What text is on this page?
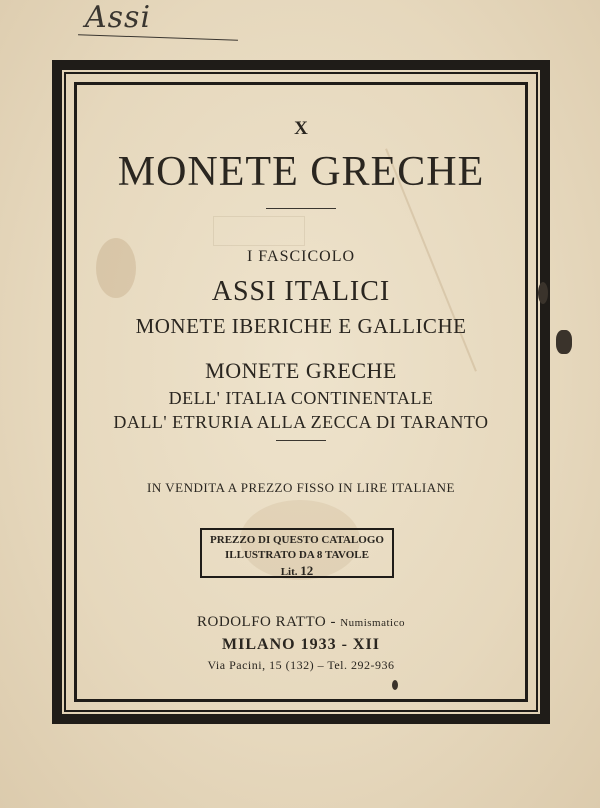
Assi
X
MONETE GRECHE
I FASCICOLO
ASSI ITALICI
MONETE IBERICHE E GALLICHE
MONETE GRECHE
DELL' ITALIA CONTINENTALE
DALL' ETRURIA ALLA ZECCA DI TARANTO
IN VENDITA A PREZZO FISSO IN LIRE ITALIANE
PREZZO DI QUESTO CATALOGO
ILLUSTRATO DA 8 TAVOLE
Lit. 12
RODOLFO RATTO - Numismatico
MILANO 1933 - XII
Via Pacini, 15 (132) – Tel. 292-936
